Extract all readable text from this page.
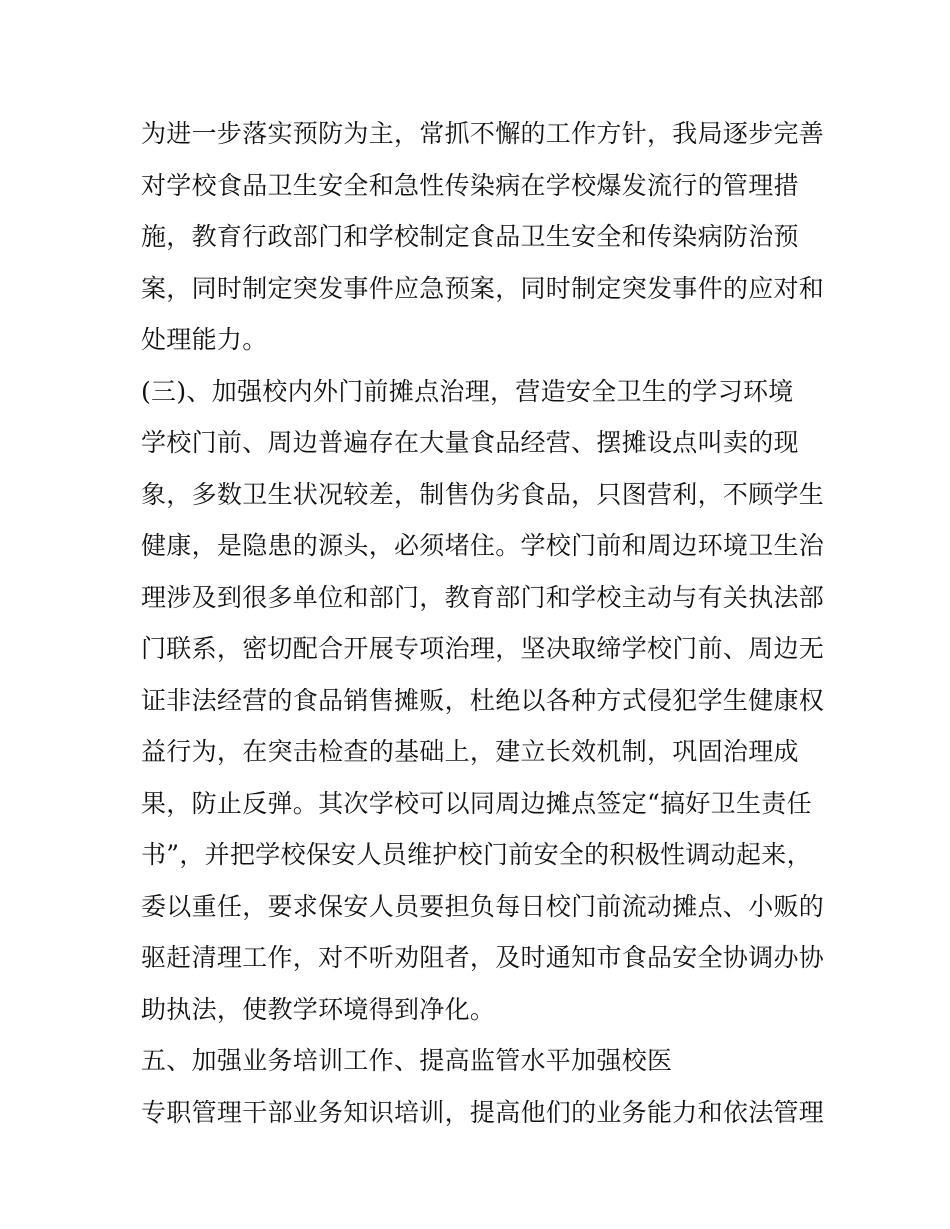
为进一步落实预防为主，常抓不懈的工作方针，我局逐步完善
对学校食品卫生安全和急性传染病在学校爆发流行的管理措
施，教育行政部门和学校制定食品卫生安全和传染病防治预
案，同时制定突发事件应急预案，同时制定突发事件的应对和
处理能力。
(三)、加强校内外门前摊点治理，营造安全卫生的学习环境
学校门前、周边普遍存在大量食品经营、摆摊设点叫卖的现
象，多数卫生状况较差，制售伪劣食品，只图营利，不顾学生
健康，是隐患的源头，必须堵住。学校门前和周边环境卫生治
理涉及到很多单位和部门，教育部门和学校主动与有关执法部
门联系，密切配合开展专项治理，坚决取缔学校门前、周边无
证非法经营的食品销售摊贩，杜绝以各种方式侵犯学生健康权
益行为，在突击检查的基础上，建立长效机制，巩固治理成
果，防止反弹。其次学校可以同周边摊点签定“搞好卫生责任
书”，并把学校保安人员维护校门前安全的积极性调动起来，
委以重任，要求保安人员要担负每日校门前流动摊点、小贩的
驱赶清理工作，对不听劝阻者，及时通知市食品安全协调办协
助执法，使教学环境得到净化。
五、加强业务培训工作、提高监管水平加强校医
专职管理干部业务知识培训，提高他们的业务能力和依法管理
